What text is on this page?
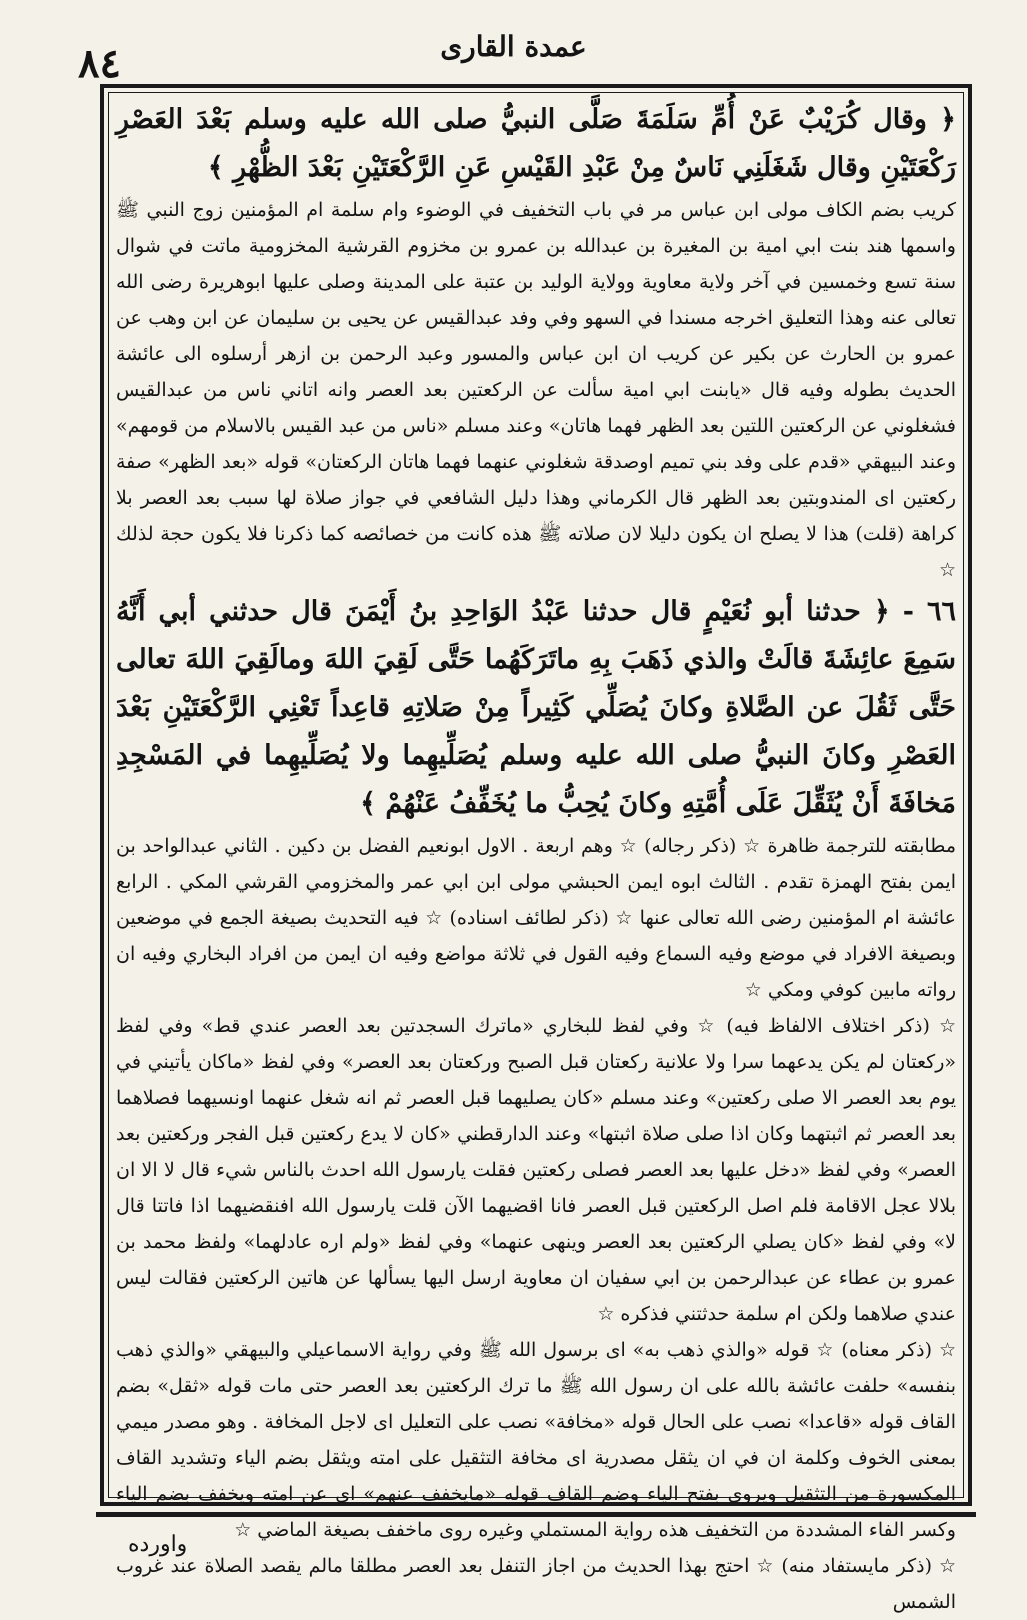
عمدة القارى
٨٤

﴿ وقال كُرَيْبٌ عَنْ أُمِّ سَلَمَةَ صَلَّى النبيُّ صلى الله عليه وسلم بَعْدَ العَصْرِ رَكْعَتَيْنِ وقال شَغَلَنِي نَاسٌ مِنْ عَبْدِ القَيْسِ عَنِ الرَّكْعَتَيْنِ بَعْدَ الظُّهْرِ ﴾

كريب بضم الكاف مولى ابن عباس مر في باب التخفيف في الوضوء وام سلمة ام المؤمنين زوج النبي ﷺ واسمها هند بنت ابي امية بن المغيرة بن عبدالله بن عمرو بن مخزوم القرشية المخزومية ماتت في شوال سنة تسع وخمسين في آخر ولاية معاوية وولاية الوليد بن عتبة على المدينة وصلى عليها ابوهريرة رضى الله تعالى عنه وهذا التعليق اخرجه مسندا في السهو وفي وفد عبدالقيس عن يحيى بن سليمان عن ابن وهب عن عمرو بن الحارث عن بكير عن كريب ان ابن عباس والمسور وعبد الرحمن بن ازهر أرسلوه الى عائشة الحديث بطوله وفيه قال «يابنت ابي امية سألت عن الركعتين بعد العصر وانه اتاني ناس من عبدالقيس فشغلوني عن الركعتين اللتين بعد الظهر فهما هاتان» وعند مسلم «ناس من عبد القيس بالاسلام من قومهم» وعند البيهقي «قدم على وفد بني تميم اوصدقة شغلوني عنهما فهما هاتان الركعتان» قوله «بعد الظهر» صفة ركعتين اى المندوبتين بعد الظهر قال الكرماني وهذا دليل الشافعي في جواز صلاة لها سبب بعد العصر بلا كراهة (قلت) هذا لا يصلح ان يكون دليلا لان صلاته ﷺ هذه كانت من خصائصه كما ذكرنا فلا يكون حجة لذلك ☆

٦٦ - ﴿ حدثنا أبو نُعَيْمٍ قال حدثنا عَبْدُ الوَاحِدِ بنُ أَيْمَنَ قال حدثني أبي أَنَّهُ سَمِعَ عائِشَةَ قالَتْ والذي ذَهَبَ بِهِ ماتَرَكَهُما حَتَّى لَقِيَ اللهَ ومالَقِيَ اللهَ تعالى حَتَّى ثَقُلَ عن الصَّلاةِ وكانَ يُصَلِّي كَثِيراً مِنْ صَلاتِهِ قاعِداً تَعْنِي الرَّكْعَتَيْنِ بَعْدَ العَصْرِ وكانَ النبيُّ صلى الله عليه وسلم يُصَلِّيهِما ولا يُصَلِّيهِما في المَسْجِدِ مَخافَةَ أَنْ يُثَقِّلَ عَلَى أُمَّتِهِ وكانَ يُحِبُّ ما يُخَفِّفُ عَنْهُمْ ﴾

مطابقته للترجمة ظاهرة ☆ (ذكر رجاله) ☆ وهم اربعة . الاول ابونعيم الفضل بن دكين . الثاني عبدالواحد بن ايمن بفتح الهمزة تقدم . الثالث ابوه ايمن الحبشي مولى ابن ابي عمر والمخزومي القرشي المكي . الرابع عائشة ام المؤمنين رضى الله تعالى عنها ☆ (ذكر لطائف اسناده) ☆ فيه التحديث بصيغة الجمع في موضعين وبصيغة الافراد في موضع وفيه السماع وفيه القول في ثلاثة مواضع وفيه ان ايمن من افراد البخاري وفيه ان رواته مابين كوفي ومكي ☆

☆ (ذكر اختلاف الالفاظ فيه) ☆ وفي لفظ للبخاري «ماترك السجدتين بعد العصر عندي قط» وفي لفظ «ركعتان لم يكن يدعهما سرا ولا علانية ركعتان قبل الصبح وركعتان بعد العصر» وفي لفظ «ماكان يأتيني في يوم بعد العصر الا صلى ركعتين» وعند مسلم «كان يصليهما قبل العصر ثم انه شغل عنهما اونسيهما فصلاهما بعد العصر ثم اثبتهما وكان اذا صلى صلاة اثبتها» وعند الدارقطني «كان لا يدع ركعتين قبل الفجر وركعتين بعد العصر» وفي لفظ «دخل عليها بعد العصر فصلى ركعتين فقلت يارسول الله احدث بالناس شيء قال لا الا ان بلالا عجل الاقامة فلم اصل الركعتين قبل العصر فانا اقضيهما الآن قلت يارسول الله افنقضيهما اذا فاتتا قال لا» وفي لفظ «كان يصلي الركعتين بعد العصر وينهى عنهما» وفي لفظ «ولم اره عادلهما» ولفظ محمد بن عمرو بن عطاء عن عبدالرحمن بن ابي سفيان ان معاوية ارسل اليها يسألها عن هاتين الركعتين فقالت ليس عندي صلاهما ولكن ام سلمة حدثتني فذكره ☆

☆ (ذكر معناه) ☆ قوله «والذي ذهب به» اى برسول الله ﷺ وفي رواية الاسماعيلي والبيهقي «والذي ذهب بنفسه» حلفت عائشة بالله على ان رسول الله ﷺ ما ترك الركعتين بعد العصر حتى مات قوله «ثقل» بضم القاف قوله «قاعدا» نصب على الحال قوله «مخافة» نصب على التعليل اى لاجل المخافة . وهو مصدر ميمي بمعنى الخوف وكلمة ان في ان يثقل مصدرية اى مخافة التثقيل على امته ويثقل بضم الياء وتشديد القاف المكسورة من التثقيل ويروى بفتح الياء وضم القاف قوله «مايخفف عنهم» اى عن امته ويخفف بضم الياء وكسر الفاء المشددة من التخفيف هذه رواية المستملي وغيره روى ماخفف بصيغة الماضي ☆

☆ (ذكر مايستفاد منه) ☆ احتج بهذا الحديث من اجاز التنفل بعد العصر مطلقا مالم يقصد الصلاة عند غروب الشمس

واورده
